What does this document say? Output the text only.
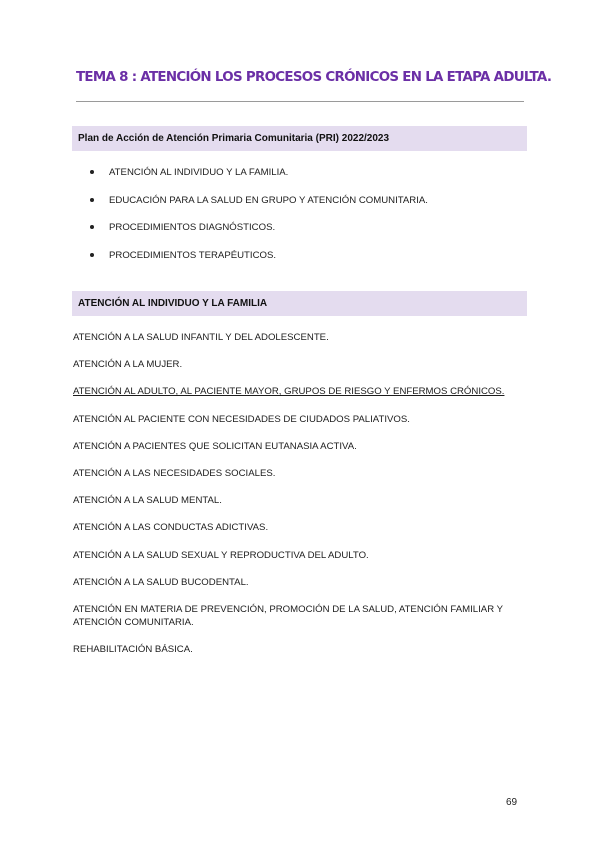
TEMA 8 : ATENCIÓN LOS PROCESOS CRÓNICOS EN LA ETAPA ADULTA.
Plan de Acción de Atención Primaria Comunitaria (PRI) 2022/2023
ATENCIÓN AL INDIVIDUO Y LA FAMILIA.
EDUCACIÓN PARA LA SALUD EN GRUPO Y ATENCIÓN COMUNITARIA.
PROCEDIMIENTOS DIAGNÓSTICOS.
PROCEDIMIENTOS TERAPÉUTICOS.
ATENCIÓN AL INDIVIDUO Y LA FAMILIA
ATENCIÓN A LA SALUD INFANTIL Y DEL ADOLESCENTE.
ATENCIÓN A LA MUJER.
ATENCIÓN AL ADULTO, AL PACIENTE MAYOR, GRUPOS DE RIESGO Y ENFERMOS CRÓNICOS.
ATENCIÓN AL PACIENTE CON NECESIDADES DE CIUDADOS PALIATIVOS.
ATENCIÓN A PACIENTES QUE SOLICITAN EUTANASIA ACTIVA.
ATENCIÓN A LAS NECESIDADES SOCIALES.
ATENCIÓN A LA SALUD MENTAL.
ATENCIÓN A LAS CONDUCTAS ADICTIVAS.
ATENCIÓN A LA SALUD SEXUAL Y REPRODUCTIVA DEL ADULTO.
ATENCIÓN A LA SALUD BUCODENTAL.
ATENCIÓN EN MATERIA DE PREVENCIÓN, PROMOCIÓN DE LA SALUD, ATENCIÓN FAMILIAR Y ATENCIÓN COMUNITARIA.
REHABILITACIÓN BÁSICA.
69
